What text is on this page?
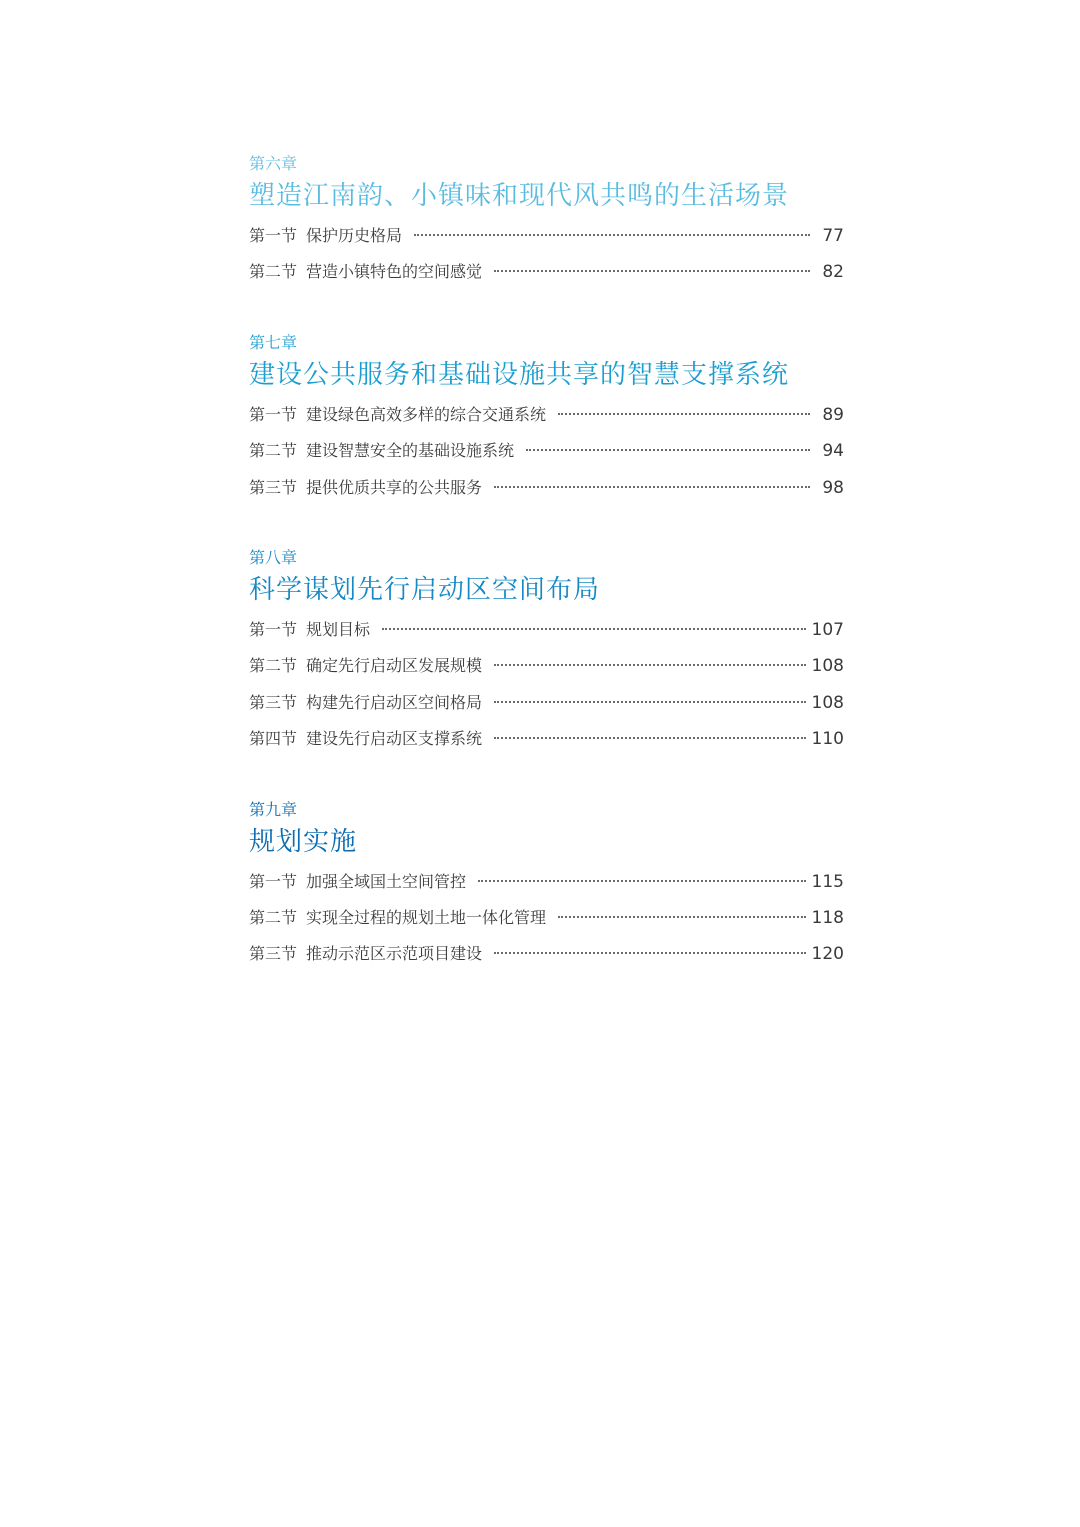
第六章
塑造江南韵、小镇味和现代风共鸣的生活场景
第一节 保护历史格局	77
第二节 营造小镇特色的空间感觉	82
第七章
建设公共服务和基础设施共享的智慧支撑系统
第一节 建设绿色高效多样的综合交通系统	89
第二节 建设智慧安全的基础设施系统	94
第三节 提供优质共享的公共服务	98
第八章
科学谋划先行启动区空间布局
第一节 规划目标	107
第二节 确定先行启动区发展规模	108
第三节 构建先行启动区空间格局	108
第四节 建设先行启动区支撑系统	110
第九章
规划实施
第一节 加强全域国土空间管控	115
第二节 实现全过程的规划土地一体化管理	118
第三节 推动示范区示范项目建设	120
